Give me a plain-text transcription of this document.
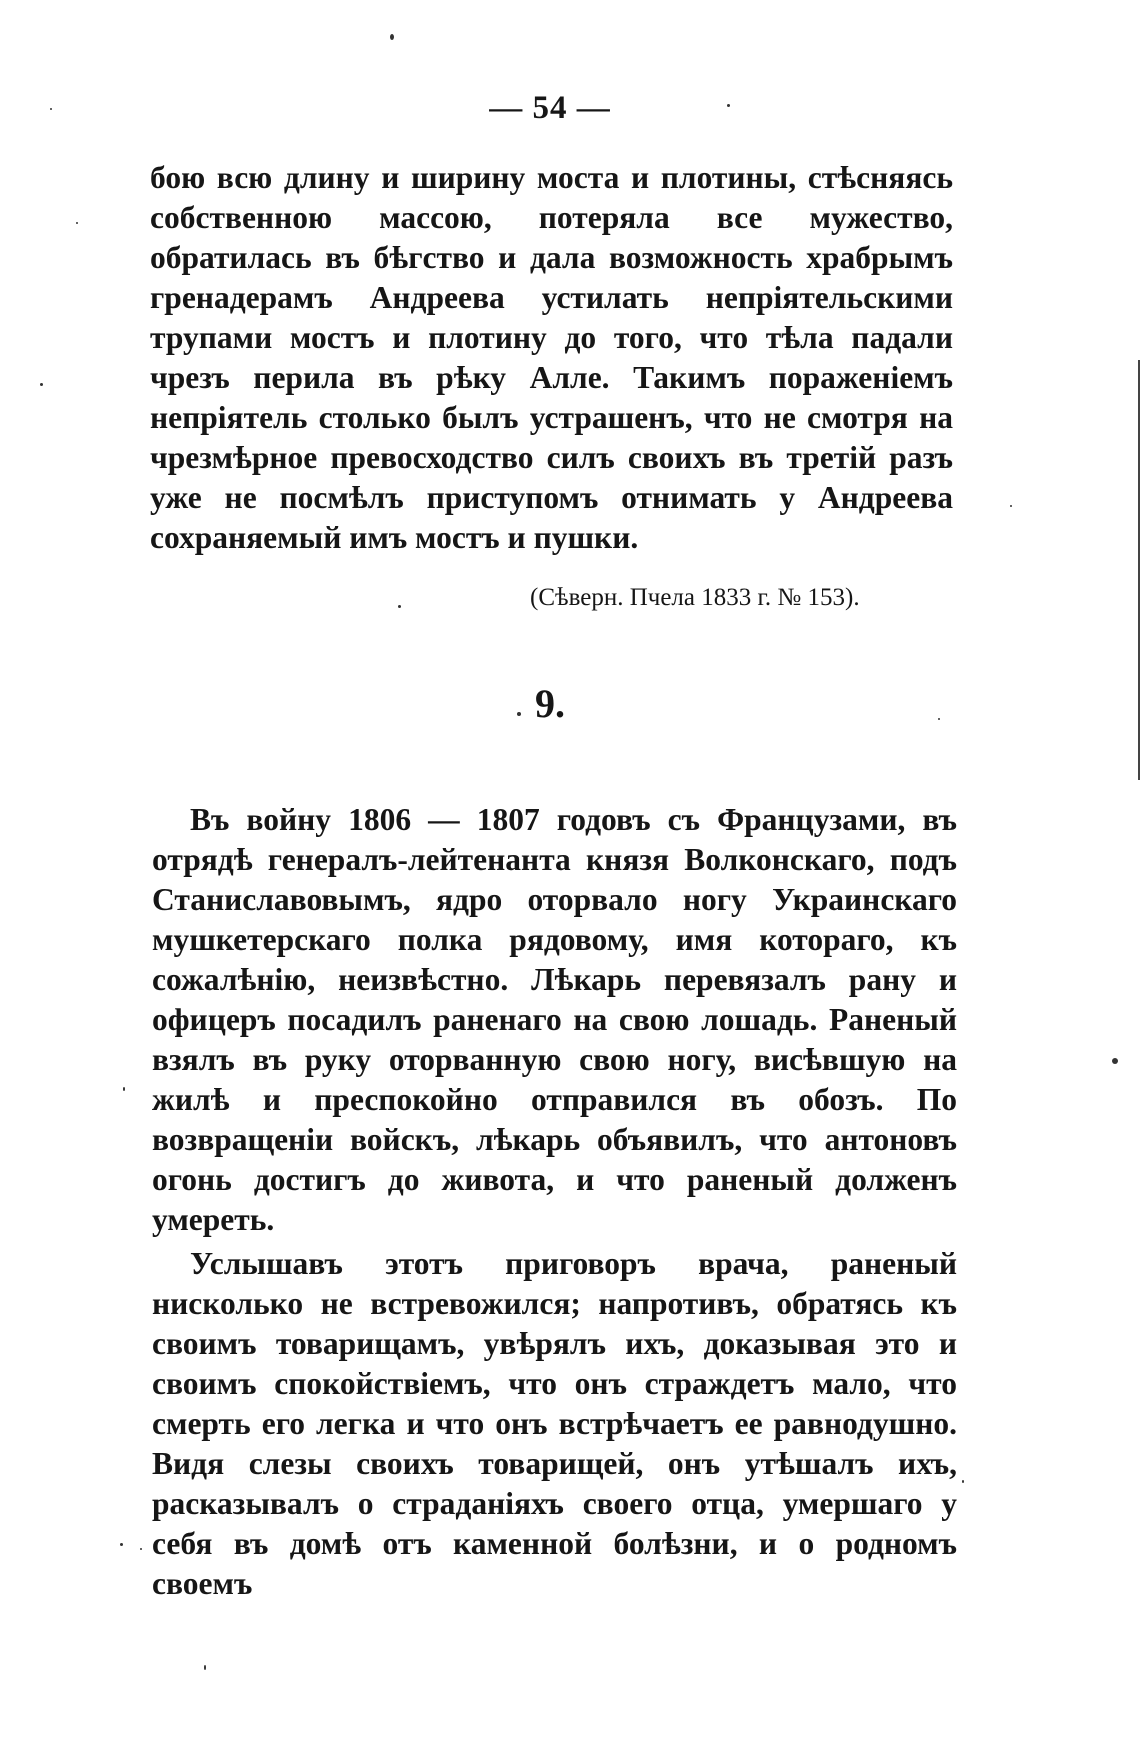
— 54 —

бою всю длину и ширину моста и плотины, стѣсняясь собственною массою, потеряла все мужество, обратилась въ бѣгство и дала возможность храбрымъ гренадерамъ Андреева устилать непріятельскими трупами мостъ и плотину до того, что тѣла падали чрезъ перила въ рѣку Алле. Такимъ пораженіемъ непріятель столько былъ устрашенъ, что не смотря на чрезмѣрное превосходство силъ своихъ въ третій разъ уже не посмѣлъ приступомъ отнимать у Андреева сохраняемый имъ мостъ и пушки.

(Сѣверн. Пчела 1833 г. № 153).
9.

Въ войну 1806 — 1807 годовъ съ Французами, въ отрядѣ генералъ-лейтенанта князя Волконскаго, подъ Станиславовымъ, ядро оторвало ногу Украинскаго мушкетерскаго полка рядовому, имя котораго, къ сожалѣнію, неизвѣстно. Лѣкарь перевязалъ рану и офицеръ посадилъ раненаго на свою лошадь. Раненый взялъ въ руку оторванную свою ногу, висѣвшую на жилѣ и преспокойно отправился въ обозъ. По возвращеніи войскъ, лѣкарь объявилъ, что антоновъ огонь достигъ до живота, и что раненый долженъ умереть.

Услышавъ этотъ приговоръ врача, раненый нисколько не встревожился; напротивъ, обратясь къ своимъ товарищамъ, увѣрялъ ихъ, доказывая это и своимъ спокойствіемъ, что онъ страждетъ мало, что смерть его легка и что онъ встрѣчаетъ ее равнодушно. Видя слезы своихъ товарищей, онъ утѣшалъ ихъ, расказывалъ о страданіяхъ своего отца, умершаго у себя въ домѣ отъ каменной болѣзни, и о родномъ своемъ
